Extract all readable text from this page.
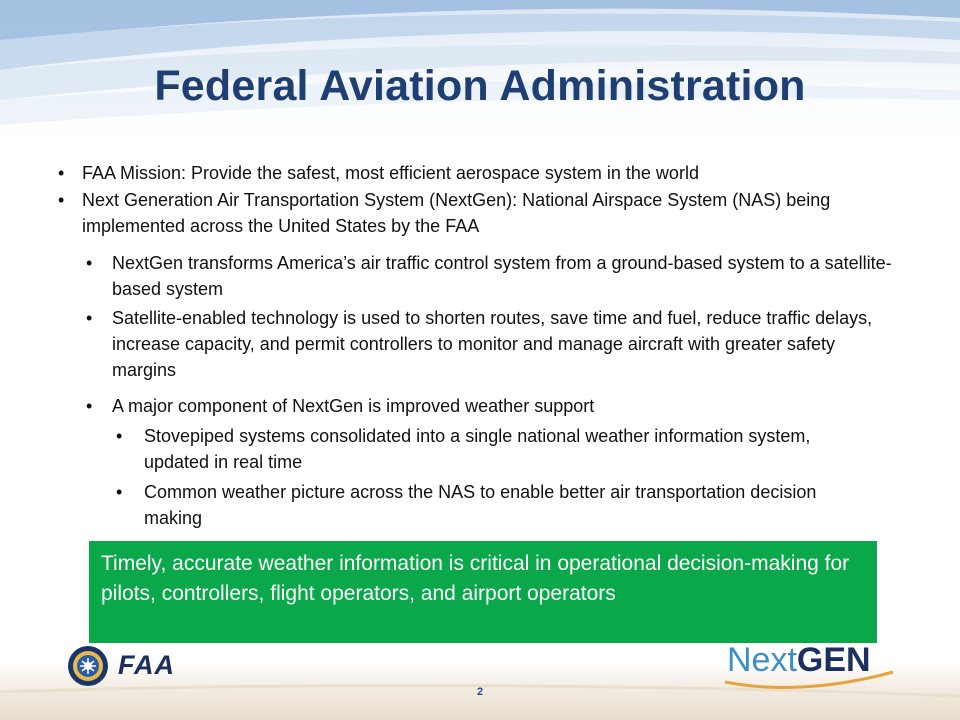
Federal Aviation Administration
• FAA Mission: Provide the safest, most efficient aerospace system in the world
• Next Generation Air Transportation System (NextGen): National Airspace System (NAS) being implemented across the United States by the FAA
• NextGen transforms America’s air traffic control system from a ground-based system to a satellite-based system
• Satellite-enabled technology is used to shorten routes, save time and fuel, reduce traffic delays, increase capacity, and permit controllers to monitor and manage aircraft with greater safety margins
• A major component of NextGen is improved weather support
• Stovepiped systems consolidated into a single national weather information system, updated in real time
• Common weather picture across the NAS to enable better air transportation decision making
Timely, accurate weather information is critical in operational decision-making for pilots, controllers, flight operators, and airport operators
FAA	NextGEN
2
